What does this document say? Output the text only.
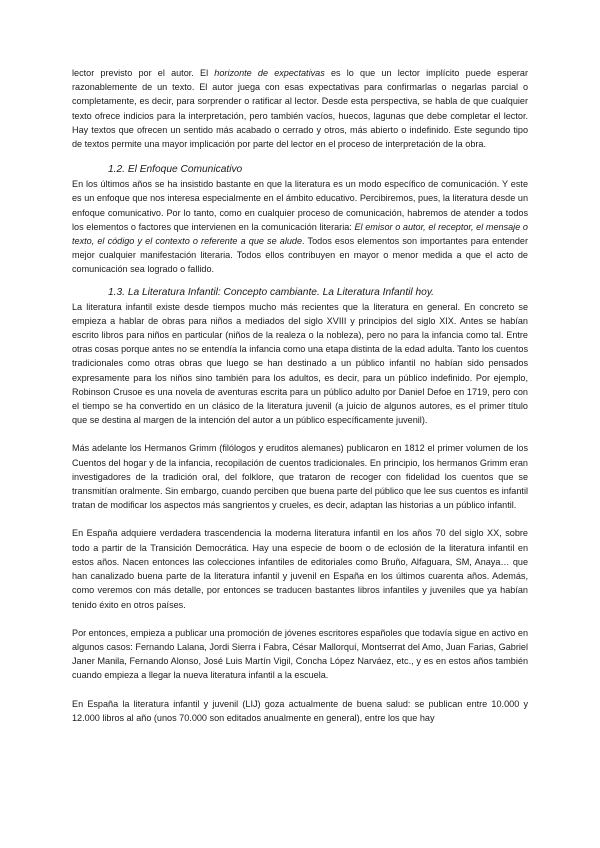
lector previsto por el autor. El horizonte de expectativas es lo que un lector implícito puede esperar razonablemente de un texto. El autor juega con esas expectativas para confirmarlas o negarlas parcial o completamente, es decir, para sorprender o ratificar al lector. Desde esta perspectiva, se habla de que cualquier texto ofrece indicios para la interpretación, pero también vacíos, huecos, lagunas que debe completar el lector. Hay textos que ofrecen un sentido más acabado o cerrado y otros, más abierto o indefinido. Este segundo tipo de textos permite una mayor implicación por parte del lector en el proceso de interpretación de la obra.

1.2. El Enfoque Comunicativo

En los últimos años se ha insistido bastante en que la literatura es un modo específico de comunicación. Y este es un enfoque que nos interesa especialmente en el ámbito educativo. Percibiremos, pues, la literatura desde un enfoque comunicativo. Por lo tanto, como en cualquier proceso de comunicación, habremos de atender a todos los elementos o factores que intervienen en la comunicación literaria: El emisor o autor, el receptor, el mensaje o texto, el código y el contexto o referente a que se alude. Todos esos elementos son importantes para entender mejor cualquier manifestación literaria. Todos ellos contribuyen en mayor o menor medida a que el acto de comunicación sea logrado o fallido.

1.3. La Literatura Infantil: Concepto cambiante. La Literatura Infantil hoy.

La literatura infantil existe desde tiempos mucho más recientes que la literatura en general. En concreto se empieza a hablar de obras para niños a mediados del siglo XVIII y principios del siglo XIX. Antes se habían escrito libros para niños en particular (niños de la realeza o la nobleza), pero no para la infancia como tal. Entre otras cosas porque antes no se entendía la infancia como una etapa distinta de la edad adulta. Tanto los cuentos tradicionales como otras obras que luego se han destinado a un público infantil no habían sido pensados expresamente para los niños sino también para los adultos, es decir, para un público indefinido. Por ejemplo, Robinson Crusoe es una novela de aventuras escrita para un público adulto por Daniel Defoe en 1719, pero con el tiempo se ha convertido en un clásico de la literatura juvenil (a juicio de algunos autores, es el primer título que se destina al margen de la intención del autor a un público específicamente juvenil).

Más adelante los Hermanos Grimm (filólogos y eruditos alemanes) publicaron en 1812 el primer volumen de los Cuentos del hogar y de la infancia, recopilación de cuentos tradicionales. En principio, los hermanos Grimm eran investigadores de la tradición oral, del folklore, que trataron de recoger con fidelidad los cuentos que se transmitían oralmente. Sin embargo, cuando perciben que buena parte del público que lee sus cuentos es infantil tratan de modificar los aspectos más sangrientos y crueles, es decir, adaptan las historias a un público infantil.

En España adquiere verdadera trascendencia la moderna literatura infantil en los años 70 del siglo XX, sobre todo a partir de la Transición Democrática. Hay una especie de boom o de eclosión de la literatura infantil en estos años. Nacen entonces las colecciones infantiles de editoriales como Bruño, Alfaguara, SM, Anaya… que han canalizado buena parte de la literatura infantil y juvenil en España en los últimos cuarenta años. Además, como veremos con más detalle, por entonces se traducen bastantes libros infantiles y juveniles que ya habían tenido éxito en otros países.

Por entonces, empieza a publicar una promoción de jóvenes escritores españoles que todavía sigue en activo en algunos casos: Fernando Lalana, Jordi Sierra i Fabra, César Mallorquí, Montserrat del Amo, Juan Farias, Gabriel Janer Manila, Fernando Alonso, José Luis Martín Vigil, Concha López Narváez, etc., y es en estos años también cuando empieza a llegar la nueva literatura infantil a la escuela.

En España la literatura infantil y juvenil (LIJ) goza actualmente de buena salud: se publican entre 10.000 y 12.000 libros al año (unos 70.000 son editados anualmente en general), entre los que hay
